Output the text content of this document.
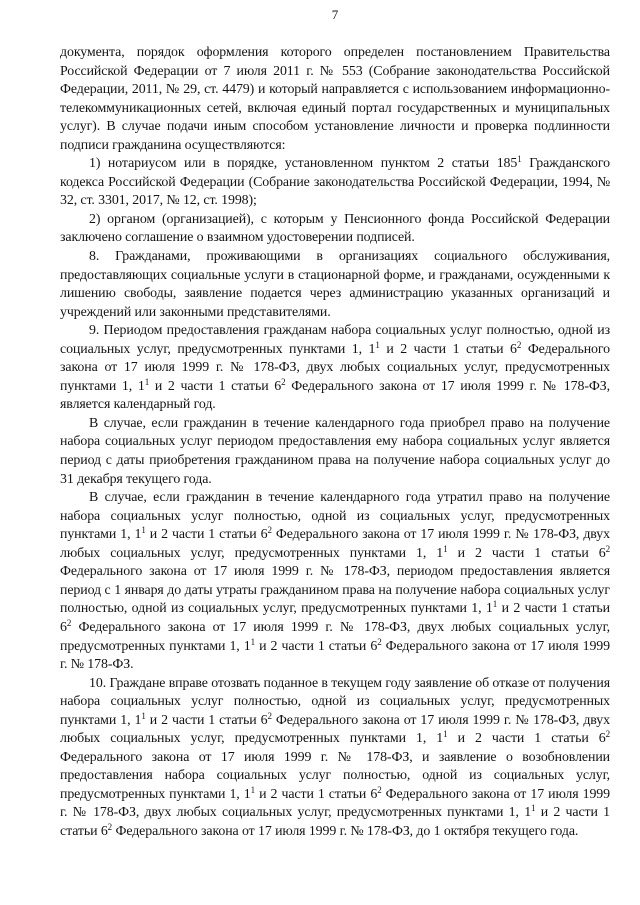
7

документа, порядок оформления которого определен постановлением Правительства Российской Федерации от 7 июля 2011 г. № 553 (Собрание законодательства Российской Федерации, 2011, № 29, ст. 4479) и который направляется с использованием информационно-телекоммуникационных сетей, включая единый портал государственных и муниципальных услуг). В случае подачи иным способом установление личности и проверка подлинности подписи гражданина осуществляются:

1) нотариусом или в порядке, установленном пунктом 2 статьи $185^1$ Гражданского кодекса Российской Федерации (Собрание законодательства Российской Федерации, 1994, № 32, ст. 3301, 2017, № 12, ст. 1998);

2) органом (организацией), с которым у Пенсионного фонда Российской Федерации заключено соглашение о взаимном удостоверении подписей.

8. Гражданами, проживающими в организациях социального обслуживания, предоставляющих социальные услуги в стационарной форме, и гражданами, осужденными к лишению свободы, заявление подается через администрацию указанных организаций и учреждений или законными представителями.

9. Периодом предоставления гражданам набора социальных услуг полностью, одной из социальных услуг, предусмотренных пунктами 1, $1^1$ и 2 части 1 статьи $6^2$ Федерального закона от 17 июля 1999 г. № 178-ФЗ, двух любых социальных услуг, предусмотренных пунктами 1, $1^1$ и 2 части 1 статьи $6^2$ Федерального закона от 17 июля 1999 г. № 178-ФЗ, является календарный год.

В случае, если гражданин в течение календарного года приобрел право на получение набора социальных услуг периодом предоставления ему набора социальных услуг является период с даты приобретения гражданином права на получение набора социальных услуг до 31 декабря текущего года.

В случае, если гражданин в течение календарного года утратил право на получение набора социальных услуг полностью, одной из социальных услуг, предусмотренных пунктами 1, $1^1$ и 2 части 1 статьи $6^2$ Федерального закона от 17 июля 1999 г. № 178-ФЗ, двух любых социальных услуг, предусмотренных пунктами 1, $1^1$ и 2 части 1 статьи $6^2$ Федерального закона от 17 июля 1999 г. № 178-ФЗ, периодом предоставления является период с 1 января до даты утраты гражданином права на получение набора социальных услуг полностью, одной из социальных услуг, предусмотренных пунктами 1, $1^1$ и 2 части 1 статьи $6^2$ Федерального закона от 17 июля 1999 г. № 178-ФЗ, двух любых социальных услуг, предусмотренных пунктами 1, $1^1$ и 2 части 1 статьи $6^2$ Федерального закона от 17 июля 1999 г. № 178-ФЗ.

10. Граждане вправе отозвать поданное в текущем году заявление об отказе от получения набора социальных услуг полностью, одной из социальных услуг, предусмотренных пунктами 1, $1^1$ и 2 части 1 статьи $6^2$ Федерального закона от 17 июля 1999 г. № 178-ФЗ, двух любых социальных услуг, предусмотренных пунктами 1, $1^1$ и 2 части 1 статьи $6^2$ Федерального закона от 17 июля 1999 г. № 178-ФЗ, и заявление о возобновлении предоставления набора социальных услуг полностью, одной из социальных услуг, предусмотренных пунктами 1, $1^1$ и 2 части 1 статьи $6^2$ Федерального закона от 17 июля 1999 г. № 178-ФЗ, двух любых социальных услуг, предусмотренных пунктами 1, $1^1$ и 2 части 1 статьи $6^2$ Федерального закона от 17 июля 1999 г. № 178-ФЗ, до 1 октября текущего года.
